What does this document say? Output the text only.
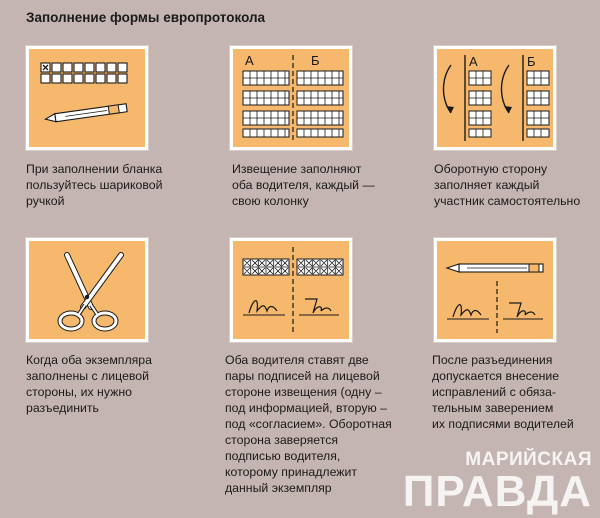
Заполнение формы европротокола
А	Б	А	Б
При заполнении бланка
пользуйтесь шариковой
ручкой
Извещение заполняют
оба водителя, каждый —
свою колонку
Оборотную сторону
заполняет каждый
участник самостоятельно
Когда оба экземпляра
заполнены с лицевой
стороны, их нужно
разъединить
Оба водителя ставят две
пары подписей на лицевой
стороне извещения (одну –
под информацией, вторую –
под «согласием». Оборотная
сторона заверяется
подписью водителя,
которому принадлежит
данный экземпляр
После разъединения
допускается внесение
исправлений с обяза-
тельным заверением
их подписями водителей
МАРИЙСКАЯ
ПРАВДА
